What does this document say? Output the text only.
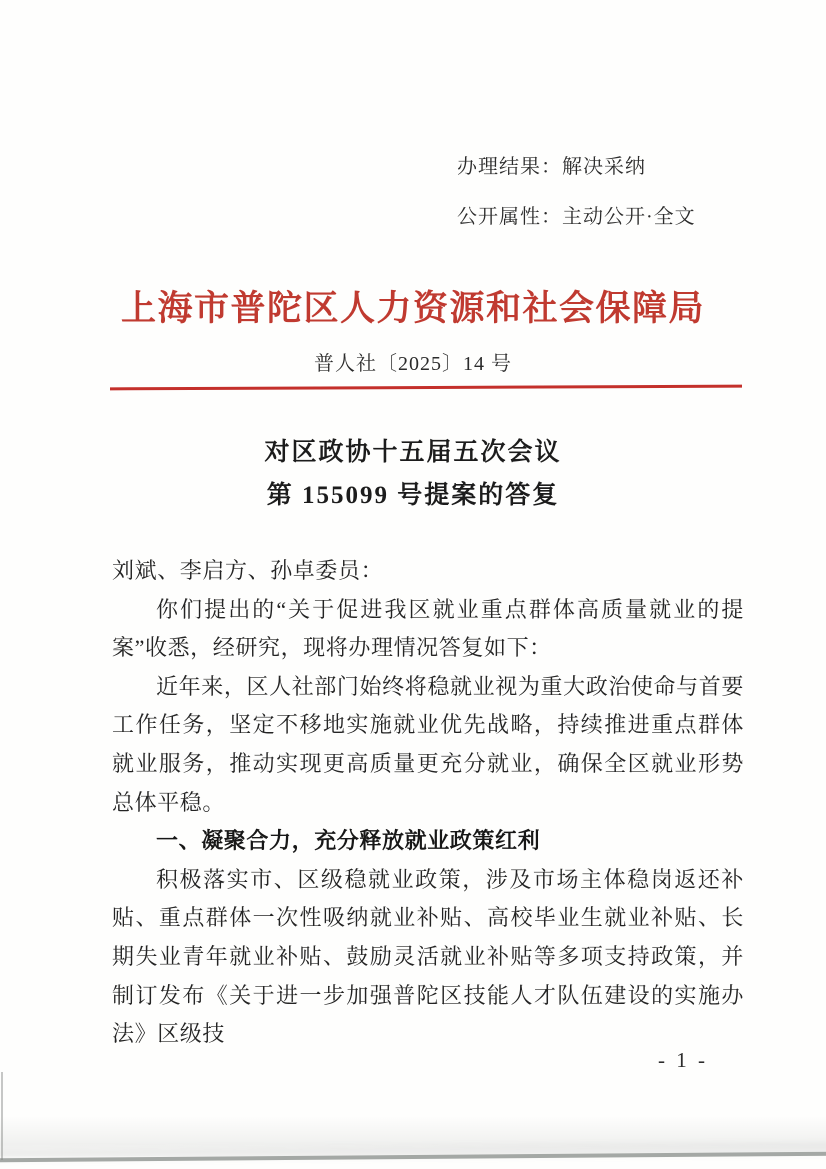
办理结果：解决采纳
公开属性：主动公开·全文
上海市普陀区人力资源和社会保障局
普人社〔2025〕14 号
对区政协十五届五次会议
第 155099 号提案的答复

刘斌、李启方、孙卓委员：

你们提出的“关于促进我区就业重点群体高质量就业的提案”收悉，经研究，现将办理情况答复如下：

近年来，区人社部门始终将稳就业视为重大政治使命与首要工作任务，坚定不移地实施就业优先战略，持续推进重点群体就业服务，推动实现更高质量更充分就业，确保全区就业形势总体平稳。

一、凝聚合力，充分释放就业政策红利

积极落实市、区级稳就业政策，涉及市场主体稳岗返还补贴、重点群体一次性吸纳就业补贴、高校毕业生就业补贴、长期失业青年就业补贴、鼓励灵活就业补贴等多项支持政策，并制订发布《关于进一步加强普陀区技能人才队伍建设的实施办法》区级技

- 1 -
